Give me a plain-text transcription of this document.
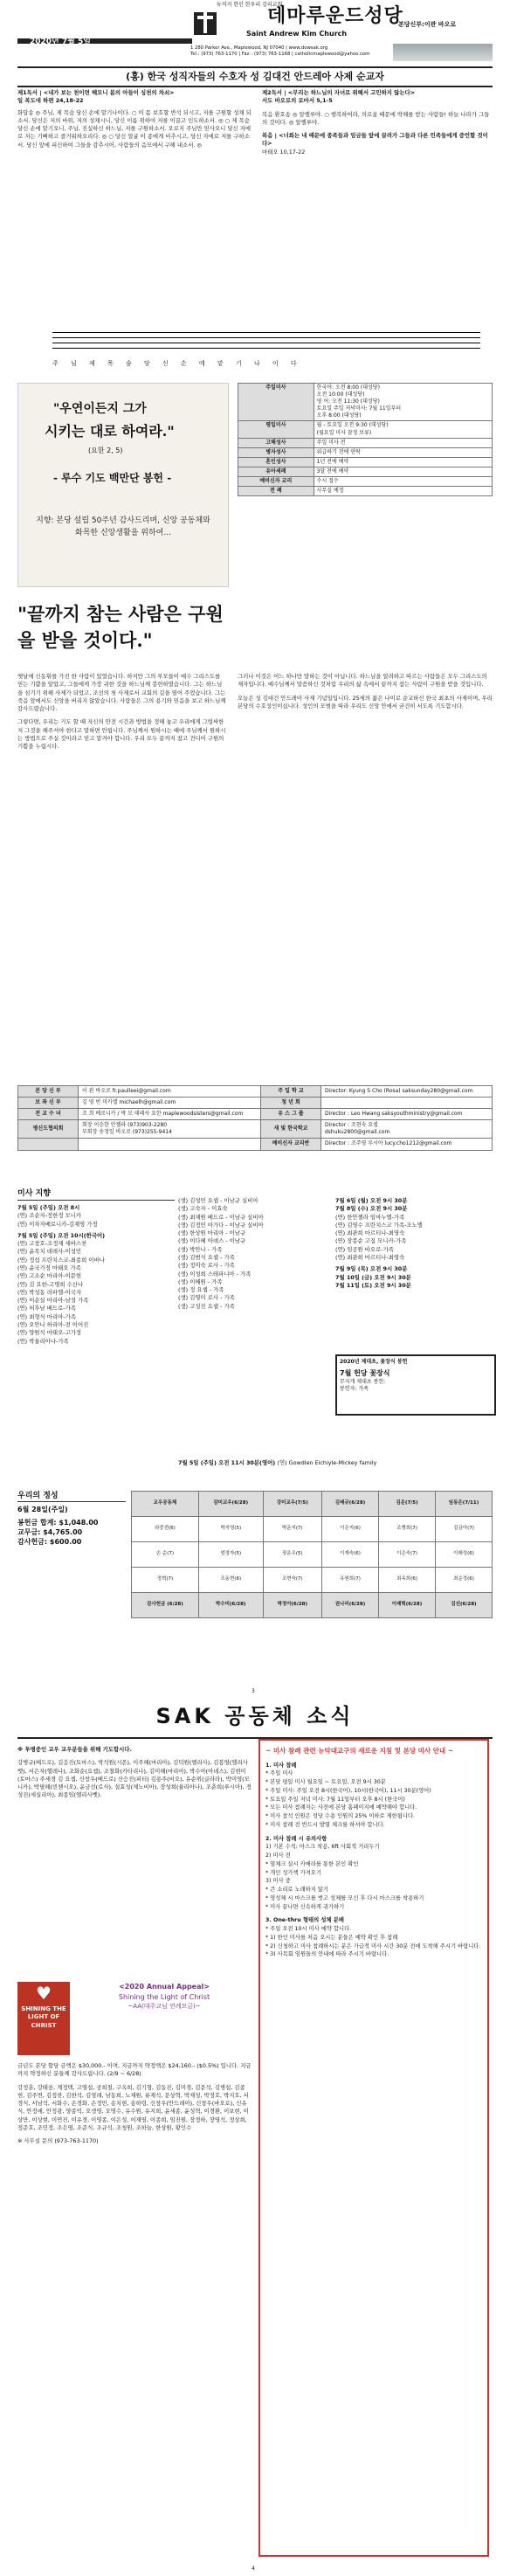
2020년 7월 5일
뉴저지 한인 한우리 감리교회
데마루운드성당
Saint Andrew Kim Church
본당신부:이관 바오로
1 280 Parker Ave., Maplewood, NJ 07040 | www.dowsak.org
Tel : (973) 763-1170 | Fax : (973) 763-1168 | catholicmaplewood@yahoo.com
(홍) 한국 성직자들의 수호자 성 김대건 안드레아 사제 순교자
제1독서 | <내가 보는 천이면 헤모니 몸의 아들이 싱천의 차쇠>
일 복도대 하편 24,18-22
화답송 ◎ 주님, 제 목숨 당신 손에 맡기나이다. ○ 이 몸 보호할 반석 되시고, 저를 구원할 성채 되소서. 당신은 저의 바위, 저의 성채시니, 당신 이름 위하여 저를 이끌고 인도하소서. ◎ ○ 제 목숨 당신 손에 맡기오니, 주님, 진실하신 하느님, 저를 구원하소서. 오로지 주님만 믿사오니 당신 자애로 저는 기뻐하고 즐거워하오리다. ◎ ○ 당신 얼굴 이 종에게 비추시고, 당신 자애로 저를 구하소서. 당신 앞에 피신하여 그들을 감추시어, 사람들의 음모에서 구해 내소서. ◎
제2독서 | <무리는 하느님의 자녀로 위해서 고민하지 않는다>
서도 바오로의 로마서 5,1-5
복음 환호송 ◎ 알렐루야. ○ 행복하여라, 의로움 때문에 박해를 받는 사람들! 하늘 나라가 그들의 것이다. ◎ 알렐루야.
복음 | <너희는 내 때문에 종족들과 임금들 앞에 끌려가 그들과 다른 민족들에게 증언할 것이다>
마태오 10,17-22
주 님 제 목 숨 당 신 손 에 맡 기 나 이 다
"우연이든지 그가
시키는 대로 하여라."
(요한 2, 5)
- 루수 기도 백만단 봉헌 -
지향: 본당 설립 50주년 감사드리며, 신앙 공동체와 화목한 신앙생활을 위하여...
"끝까지 참는 사람은 구원을 받을 것이다."
주일미사	한국어: 오전 8:00 (대성당)
오전 10:00 (대성당)
영 어: 오전 11:30 (대성당)
토요일 주일 저녁미사: 7월 11일부터
오후 8:00 (대성당)
평일미사	월 - 토요일 오전 9:30 (대성당)
(월요일 미사 잠정 보류)
고해성사	주일 미사 전
병자성사	위급하기 전에 연락
혼인성사	1년 전에 예약
유아세례	3달 전에 예약
예비신자 교리	수시 접수
전 례	사무실 예정
옛날에 신동휘를 가진 한 사람이 있었습니다. 하지만 그의 부모들이 예수 그리스도를 믿는 기쁨을 알았고, 그들에게 가장 귀한 것을 하느님께 봉헌하였습니다. 그는 하느님을 섬기기 위해 사제가 되었고, 조선의 첫 사제로서 교회의 길을 열어 주었습니다. 그는 죽음 앞에서도 신앙을 버리지 않았습니다. 사람들은 그의 용기와 믿음을 보고 하느님께 감사드렸습니다.
그렇다면, 우리는 기도 할 때 자신의 안전 시간과 방법을 정해 놓고 우리에게 그럴싸한 저 그것을 해주셔야 한다고 말하면 안됩니다. 주님께서 원하시는 때에 주님께서 원하시는 방법으로 주실 것이라고 믿고 맡겨야 합니다. 우리 모두 끝까지 참고 견디어 구원의 기쁨을 누립시다.
그러나 이것은 어느 하나만 말하는 것이 아닙니다. 하느님을 알려하고 따르는 사람들은 모두 그리스도의 제자입니다. 예수님께서 말씀하신 것처럼 우리의 삶 속에서 끝까지 참는 사람이 구원을 받을 것입니다.
오늘은 성 김대건 안드레아 사제 기념일입니다. 25세의 젊은 나이로 순교하신 한국 최초의 사제이며, 우리 본당의 수호성인이십니다. 성인의 모범을 따라 우리도 신앙 안에서 굳건히 서도록 기도합시다.
본 당 신 부	이 관 바오로 fr.paulleei@gmail.com	주 일 학 교	Director: Kyung S Cho (Rosa) saksunday280@gmail.com
보 좌 신 부	김 영 빈 미카엘 michaelh@gmail.com	청 년 회	
전 교 수 녀	조 희 베로니카 / 박 모 데레사 요한 maplewoodsisters@gmail.com	유 스 그 룹	Director : Leo Hwang saksyouthministry@gmail.com
평신도협의회	회장 이승한 안젤라 (973)903-2280
부회장 송정일 바오로 (973)255-9414	새 빛 한국학교	Director : 조현숙 요셉
dshuku2800@gmail.com
		예비신자 교리반	Director : 조주영 루시아 lucy.cho1212@gmail.com
미사 지향
7월 5일 (주일) 오전 8시
(연) 조순자-정한정 모니카
(연) 이차자베로니카-김재영 가정
7월 5일 (주일) 오전 10시(한국어)
(연) 고창호-조정재 세바스찬
(연) 윤목치 데레사-이성민
(연) 정섭 프란치스코-최종희 이바나
(연) 윤국가정 마태오 가족
(연) 고소순 마리아-이문헌
(연) 김 요한-고명희 수산나
(연) 박성동 라파엘-이국자
(연) 이순실 마리아-남성 가족
(연) 허후남 베드로-가족
(연) 최형식 마리아-가족
(연) 오안나 하리아-전 이어진
(연) 양원식 마태오-고가정
(연) 박율리아나-가족
(생) 김성민 요셉 - 이남규 실비아
(생) 고숙자 - 이효숙
(생) 최재원 베드로 - 이남규 실비아
(생) 김정민 아가다 - 이남규 실비아
(생) 한상원 마리아 - 이남규
(생) 이다혜 아녜스 - 이남규
(생) 박안나 - 가족
(생) 김범식 요셉 - 가족
(생) 정미숙 로사 - 가족
(생) 이성희 스테파니아 - 가족
(생) 이혜원 - 가족
(생) 정 요셉 - 가족
(생) 김영미 로사 - 가족
(생) 고성진 요셉 - 가족
7월 6일 (월) 오전 9시 30분
7월 8일 (수) 오전 9시 30분
(연) 한안젤라 임마누엘-가족
(연) 김영수 프란치스코 가족-조노엘
(연) 최관희 마르티나-최영숙
(연) 장봉순 고집 모니카-가족
(연) 임공원 바오로-가족
(연) 최관희 마르티나-최영숙
7월 9일 (목) 오전 9시 30분
7월 10일 (금) 오전 9시 30분
7월 11일 (토) 오전 9시 30분
2020년 제대초, 꽃장식 봉헌
7월 헌당 꽃장식
무지개 제대초 봉헌:
봉헌자: 가족
7월 5일 (주일) 오전 11시 30분(영어) (연) Gowdlen Eichiyle-Mickey family
우리의 정성
6월 28일(주일)
봉헌금 합계: $1,048.00
교무금: $4,765.00
감사헌금: $600.00
교우공동체	감미교우(6/28)	강미교우(7/5)	김태규(6/28)	김운(7/5)	임동은(7/11)
라중전(6)	박지영(5)	박운지(7)	이은지(6)	조병희(7)	김금아(7)
손 순(7)	엄정자(5)	장운우(5)	이재숙(6)	이은숙(7)	이래성(6)
정혁(7)	조동현(6)	조현숙(7)	유원희(7)	최옥희(6)	최순정(6)
감사헌금 (6/28)	박수미(6/28)	박정아(6/28)	권나리(6/28)	이래혁(6/28)	김선(6/28)
3
SAK 공동체 소식
※ 투병중인 교우 교우분들을 위해 기도합시다.
강병규(베드로), 김응진(토마스), 박석원(시몬), 이주해(마리아), 김덕원(멜리사), 김봉영(엘리사벳), 서은자(헬레나), 조화순(요셉), 조철화(카타리나), 김미해(마리아), 박수아(아녜스), 김현미(토마스) 주세경 김 요셉, 신창우(베드로) 신승진(피터) 김용주(비오), 유순위(글라라), 박미영(모니카), 박필해(빈첸시오), 윤금선(로사), 설효성(제노비아), 장성희(율리아나), 조춘희(루시아), 정성진(세실리아), 최종임(엘리사벳).
♥
SHINING THE LIGHT OF CHRIST
<2020 Annual Appeal>
Shining the Light of Christ
~AA(대주교님 연례모금)~
금년도 본당 할당 금액은 $30,000.- 이며, 지금까지 약정액은 $24,160.- ($0.5%) 입니다. 지금까지 약정하신 분들께 감사드립니다. (2/9 ~ 6/28)
강정훈, 강태웅, 계정택, 고영섭, 공희철, 구옥희, 김기형, 김동진, 김미경, 김문석, 김병섭, 김종헌, 김주연, 김정찬, 김한석, 김영래, 남동희, 노재원, 류재석, 문상혁, 박재성, 박정호, 박지호, 서경식, 서남석, 서화수, 손경화, 손정민, 송치현, 송하령, 신창우(안드레아), 신창우(바오로), 신유식, 안정애, 안정광, 양종익, 오생영, 오명수, 유수원, 유지희, 윤세종, 윤성혁, 이경환, 이보현, 이상만, 이상현, 이연진, 이유경, 이영종, 이은성, 이재영, 이종희, 임진원, 장정하, 장영석, 정상희, 정준호, 조민정, 조은영, 조준식, 조규석, 조청원, 조하늘, 한상원, 황인수
※ 사무실 문의 (973-763-1170)
~ 미사 참례 관련 뉴악대교구의 새로운 지침 및 본당 미사 안내 ~
1. 미사 참례
* 주일 미사
* 본당 평일 미사 월요일 ~ 토요일, 오전 9시 30분
* 주일 미사: 주일 오전 8시(한국어), 10시(한국어), 11시 30분(영어)
* 토요일 주일 저녁 미사: 7월 11일부터 오후 8시 (한국어)
* 모든 미사 참례자는 사전에 본당 홈페이지에 예약해야 합니다.
* 미사 참석 인원은 성당 수용 인원의 25% 이하로 제한됩니다.
* 미사 참례 전 반드시 발열 체크를 하셔야 합니다.
2. 미사 참례 시 유의사항
1) 기본 수칙: 마스크 착용, 6ft 사회적 거리두기
2) 미사 전
* 열체크 실시 카메라를 통한 본인 확인
* 개인 성가책 가져오기
3) 미사 중
* 큰 소리로 노래하지 않기
* 영성체 시 마스크를 벗고 성체를 모신 후 다시 마스크를 착용하기
* 미사 끝나면 신속하게 귀가하기
3. One-thru 형태의 성체 분배
* 주일 오전 10시 미사 예약 합니다.
* 1) 한인 미사를 처음 오시는 분들은 예약 확인 후 참례
* 2) 신청하고 미사 참례하시는 분은 가급적 미사 시간 30분 전에 도착해 주시기 바랍니다.
* 3) 사목회 임원들의 안내에 따라 주시기 바랍니다.
4
